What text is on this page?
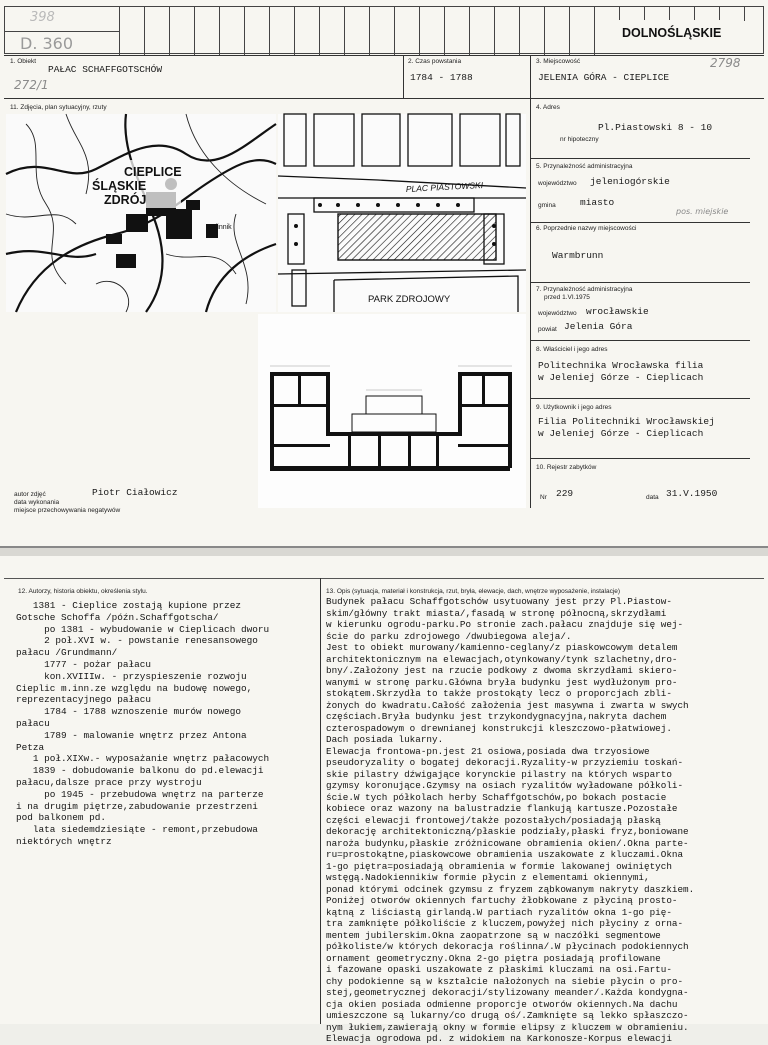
398
DOLNOŚLĄSKIE
D. 360
1. Obiekt
PAŁAC SCHAFFGOTSCHÓW
272/1
2. Czas powstania
1784 - 1788
3. Miejscowość
JELENIA GÓRA - CIEPLICE
2798
11. Zdjęcia, plan sytuacyjny, rzuty
CIEPLICE
ŚLĄSKIE
ZDRÓJ
Malinnik
PLAC PIASTOWSKI
PARK ZDROJOWY
4. Adres
Pl.Piastowski 8 - 10
nr hipoteczny
5. Przynależność administracyjna
województwo jeleniogórskie
gmina	miasto
pos. miejskie
6. Poprzednie nazwy miejscowości
Warmbrunn
7. Przynależność administracyjna
przed 1.VI.1975
województwo wrocławskie
powiat Jelenia Góra
8. Właściciel i jego adres
Politechnika Wrocławska filia
w Jeleniej Górze - Cieplicach
9. Użytkownik i jego adres
Filia Politechniki Wrocławskiej
w Jeleniej Górze - Cieplicach
10. Rejestr zabytków
Nr 229	data 31.V.1950
autor zdjęć	Piotr Ciałowicz
data wykonania
miejsce przechowywania negatywów
12. Autorzy, historia obiektu, określenia stylu.
1381 - Cieplice zostają kupione przez
Gotsche Schoffa /późn.Schaffgotscha/
po 1381 - wybudowanie w Cieplicach dworu
2 poł.XVI w. - powstanie renesansowego
pałacu /Grundmann/
1777 - pożar pałacu
kon.XVIIIw. - przyspieszenie rozwoju
Cieplic m.inn.ze względu na budowę nowego,
reprezentacyjnego pałacu
1784 - 1788 wznoszenie murów nowego
pałacu
1789 - malowanie wnętrz przez Antona
Petza
1 poł.XIXw.- wyposażanie wnętrz pałacowych
1839 - dobudowanie balkonu do pd.elewacji
pałacu,dalsze prace przy wystroju
po 1945 - przebudowa wnętrz na parterze
i na drugim piętrze,zabudowanie przestrzeni
pod balkonem pd.
lata siedemdziesiąte - remont,przebudowa
niektórych wnętrz
13. Opis (sytuacja, materiał i konstrukcja, rzut, bryła, elewacje, dach, wnętrze wyposażenie, instalacje)
Budynek pałacu Schaffgotschów usytuowany jest przy Pl.Piastow-
skim/główny trakt miasta/,fasadą w stronę północną,skrzydłami
w kierunku ogrodu-parku.Po stronie zach.pałacu znajduje się wej-
ście do parku zdrojowego /dwubiegowa aleja/.
Jest to obiekt murowany/kamienno-ceglany/z piaskowcowym detalem
architektonicznym na elewacjach,otynkowany/tynk szlachetny,dro-
bny/.Założony jest na rzucie podkowy z dwoma skrzydłami skiero-
wanymi w stronę parku.Główna bryła budynku jest wydłużonym pro-
stokątem.Skrzydła to także prostokąty lecz o proporcjach zbli-
żonych do kwadratu.Całość założenia jest masywna i zwarta w swych
częściach.Bryła budynku jest trzykondygnacyjna,nakryta dachem
czterospadowym o drewnianej konstrukcji kleszczowo-płatwiowej.
Dach posiada lukarny.
Elewacja frontowa-pn.jest 21 osiowa,posiada dwa trzyosiowe
pseudoryzality o bogatej dekoracji.Ryzality-w przyziemiu toskań-
skie pilastry dźwigające korynckie pilastry na których wsparto
gzymsy koronujące.Gzymsy na osiach ryzalitów wyładowane półkoli-
ście.W tych półkolach herby Schaffgotschów,po bokach postacie
kobiece oraz wazony na balustradzie flankują kartusze.Pozostałe
części elewacji frontowej/także pozostałych/posiadają płaską
dekorację architektoniczną/płaskie podziały,płaski fryz,boniowane
naroża budynku,płaskie zróżnicowane obramienia okien/.Okna parte-
ru=prostokątne,piaskowcowe obramienia uszakowate z kluczami.Okna
1-go piętra=posiadają obramienia w formie lakowanej owiniętych
wstęgą.Nadokiennikiw formie płycin z elementami okiennymi,
ponad którymi odcinek gzymsu z fryzem ząbkowanym nakryty daszkiem.
Poniżej otworów okiennych fartuchy żłobkowane z płyciną prosto-
kątną z liściastą girlandą.W partiach ryzalitów okna 1-go pię-
tra zamknięte półkoliście z kluczem,powyżej nich płyciny z orna-
mentem jubilerskim.Okna zaopatrzone są w naczółki segmentowe
półkoliste/w których dekoracja roślinna/.W płycinach podokiennych
ornament geometryczny.Okna 2-go piętra posiadają profilowane
i fazowane opaski uszakowate z płaskimi kluczami na osi.Fartu-
chy podokienne są w kształcie nałożonych na siebie płycin o pro-
stej,geometrycznej dekoracji/stylizowany meander/.Każda kondygna-
cja okien posiada odmienne proporcje otworów okiennych.Na dachu
umieszczone są lukarny/co drugą oś/.Zamknięte są lekko spłaszczo-
nym łukiem,zawierają okny w formie elipsy z kluczem w obramieniu.
Elewacja ogrodowa pd. z widokiem na Karkonosze-Korpus elewacji
